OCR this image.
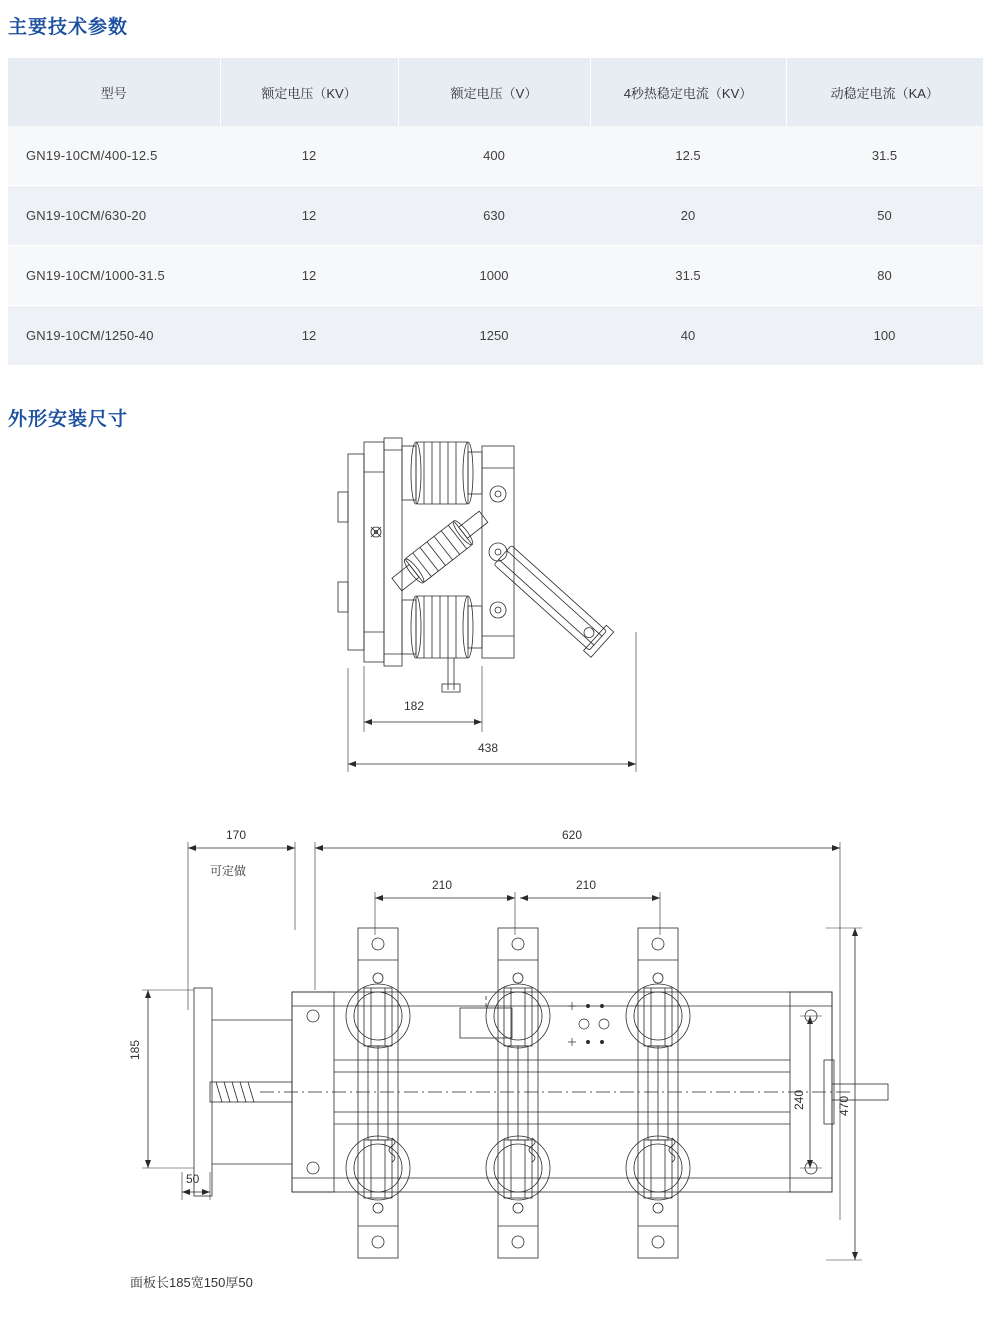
主要技术参数
型号	额定电压（KV）	额定电压（V）	4秒热稳定电流（KV）	动稳定电流（KA）
GN19-10CM/400-12.5	12	400	12.5	31.5
GN19-10CM/630-20	12	630	20	50
GN19-10CM/1000-31.5	12	1000	31.5	80
GN19-10CM/1250-40	12	1250	40	100
外形安装尺寸
182
438
170
可定做
620
210	210
185
50
240	470
面板长185宽150厚50
